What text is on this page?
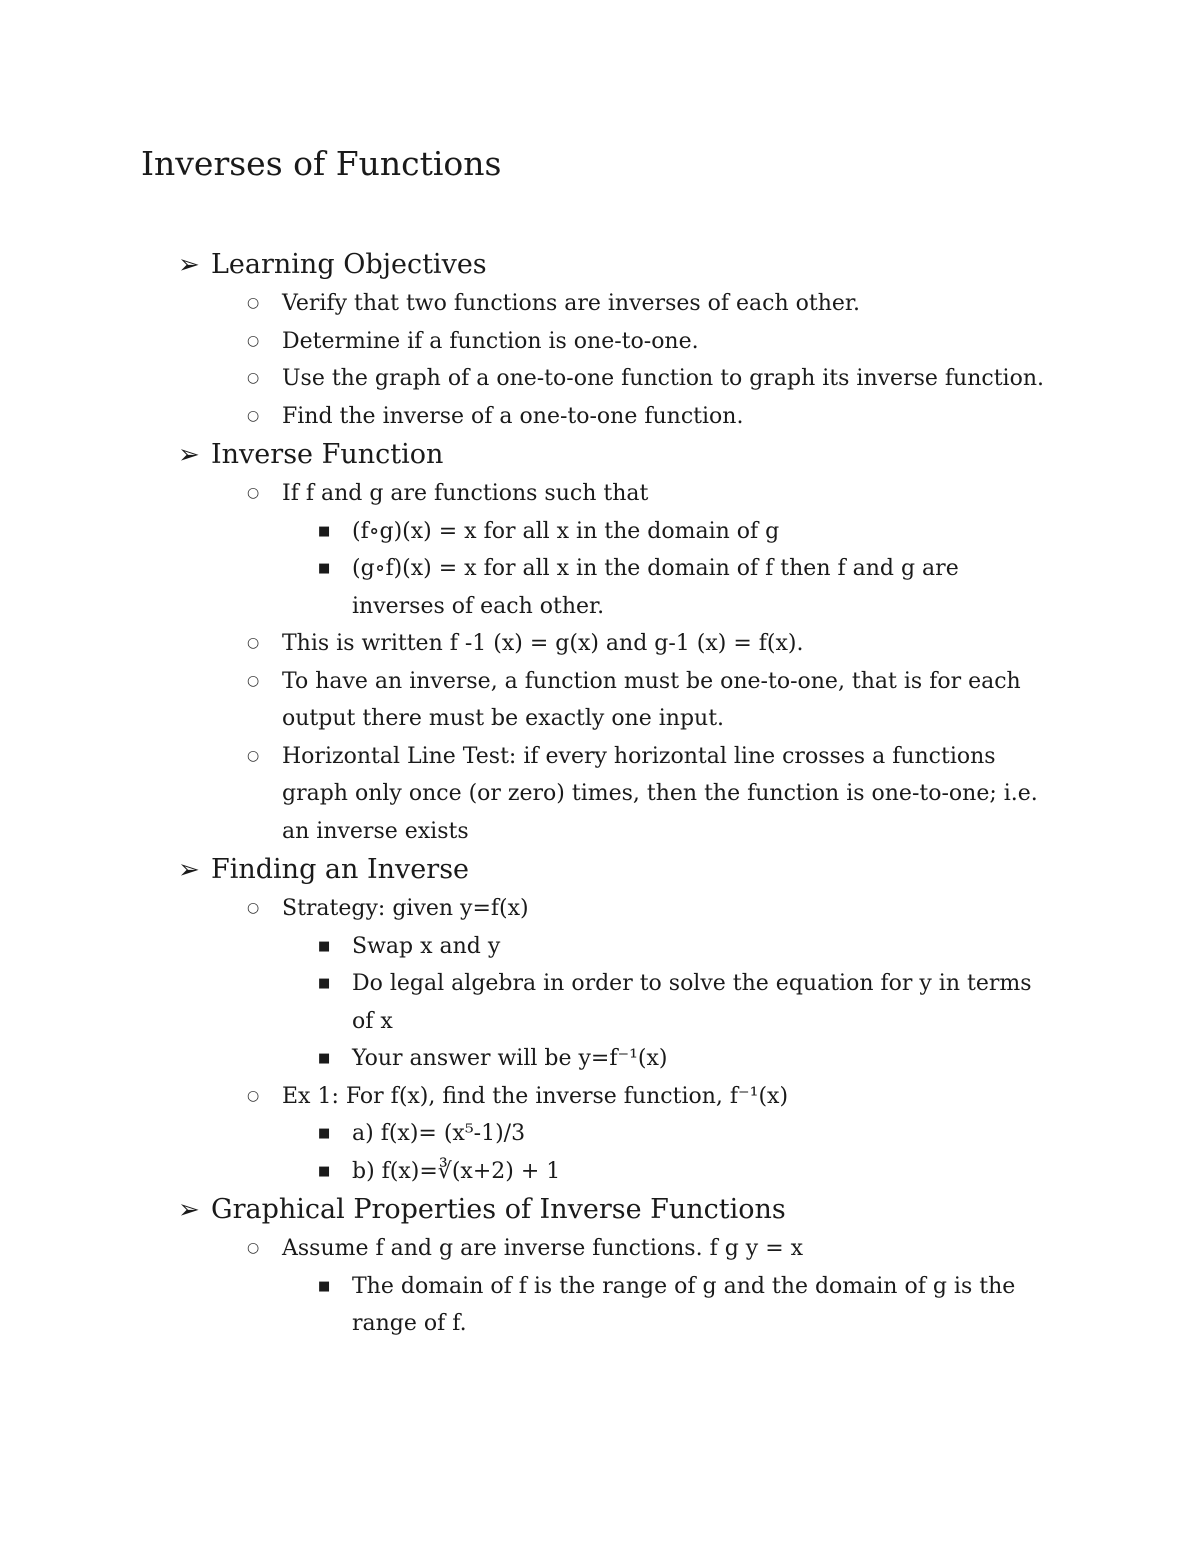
Inverses of Functions
➢ Learning Objectives
○ Verify that two functions are inverses of each other.
○ Determine if a function is one-to-one.
○ Use the graph of a one-to-one function to graph its inverse function.
○ Find the inverse of a one-to-one function.
➢ Inverse Function
○ If f and g are functions such that
■ (f∘g)(x) = x for all x in the domain of g
■ (g∘f)(x) = x for all x in the domain of f then f and g are inverses of each other.
○ This is written f -1 (x) = g(x) and g-1 (x) = f(x).
○ To have an inverse, a function must be one-to-one, that is for each output there must be exactly one input.
○ Horizontal Line Test: if every horizontal line crosses a functions graph only once (or zero) times, then the function is one-to-one; i.e. an inverse exists
➢ Finding an Inverse
○ Strategy: given y=f(x)
■ Swap x and y
■ Do legal algebra in order to solve the equation for y in terms of x
■ Your answer will be y=f⁻¹(x)
○ Ex 1: For f(x), find the inverse function, f⁻¹(x)
■ a) f(x)= (x⁵-1)/3
■ b) f(x)=∛(x+2) + 1
➢ Graphical Properties of Inverse Functions
○ Assume f and g are inverse functions. f g y = x
■ The domain of f is the range of g and the domain of g is the range of f.
